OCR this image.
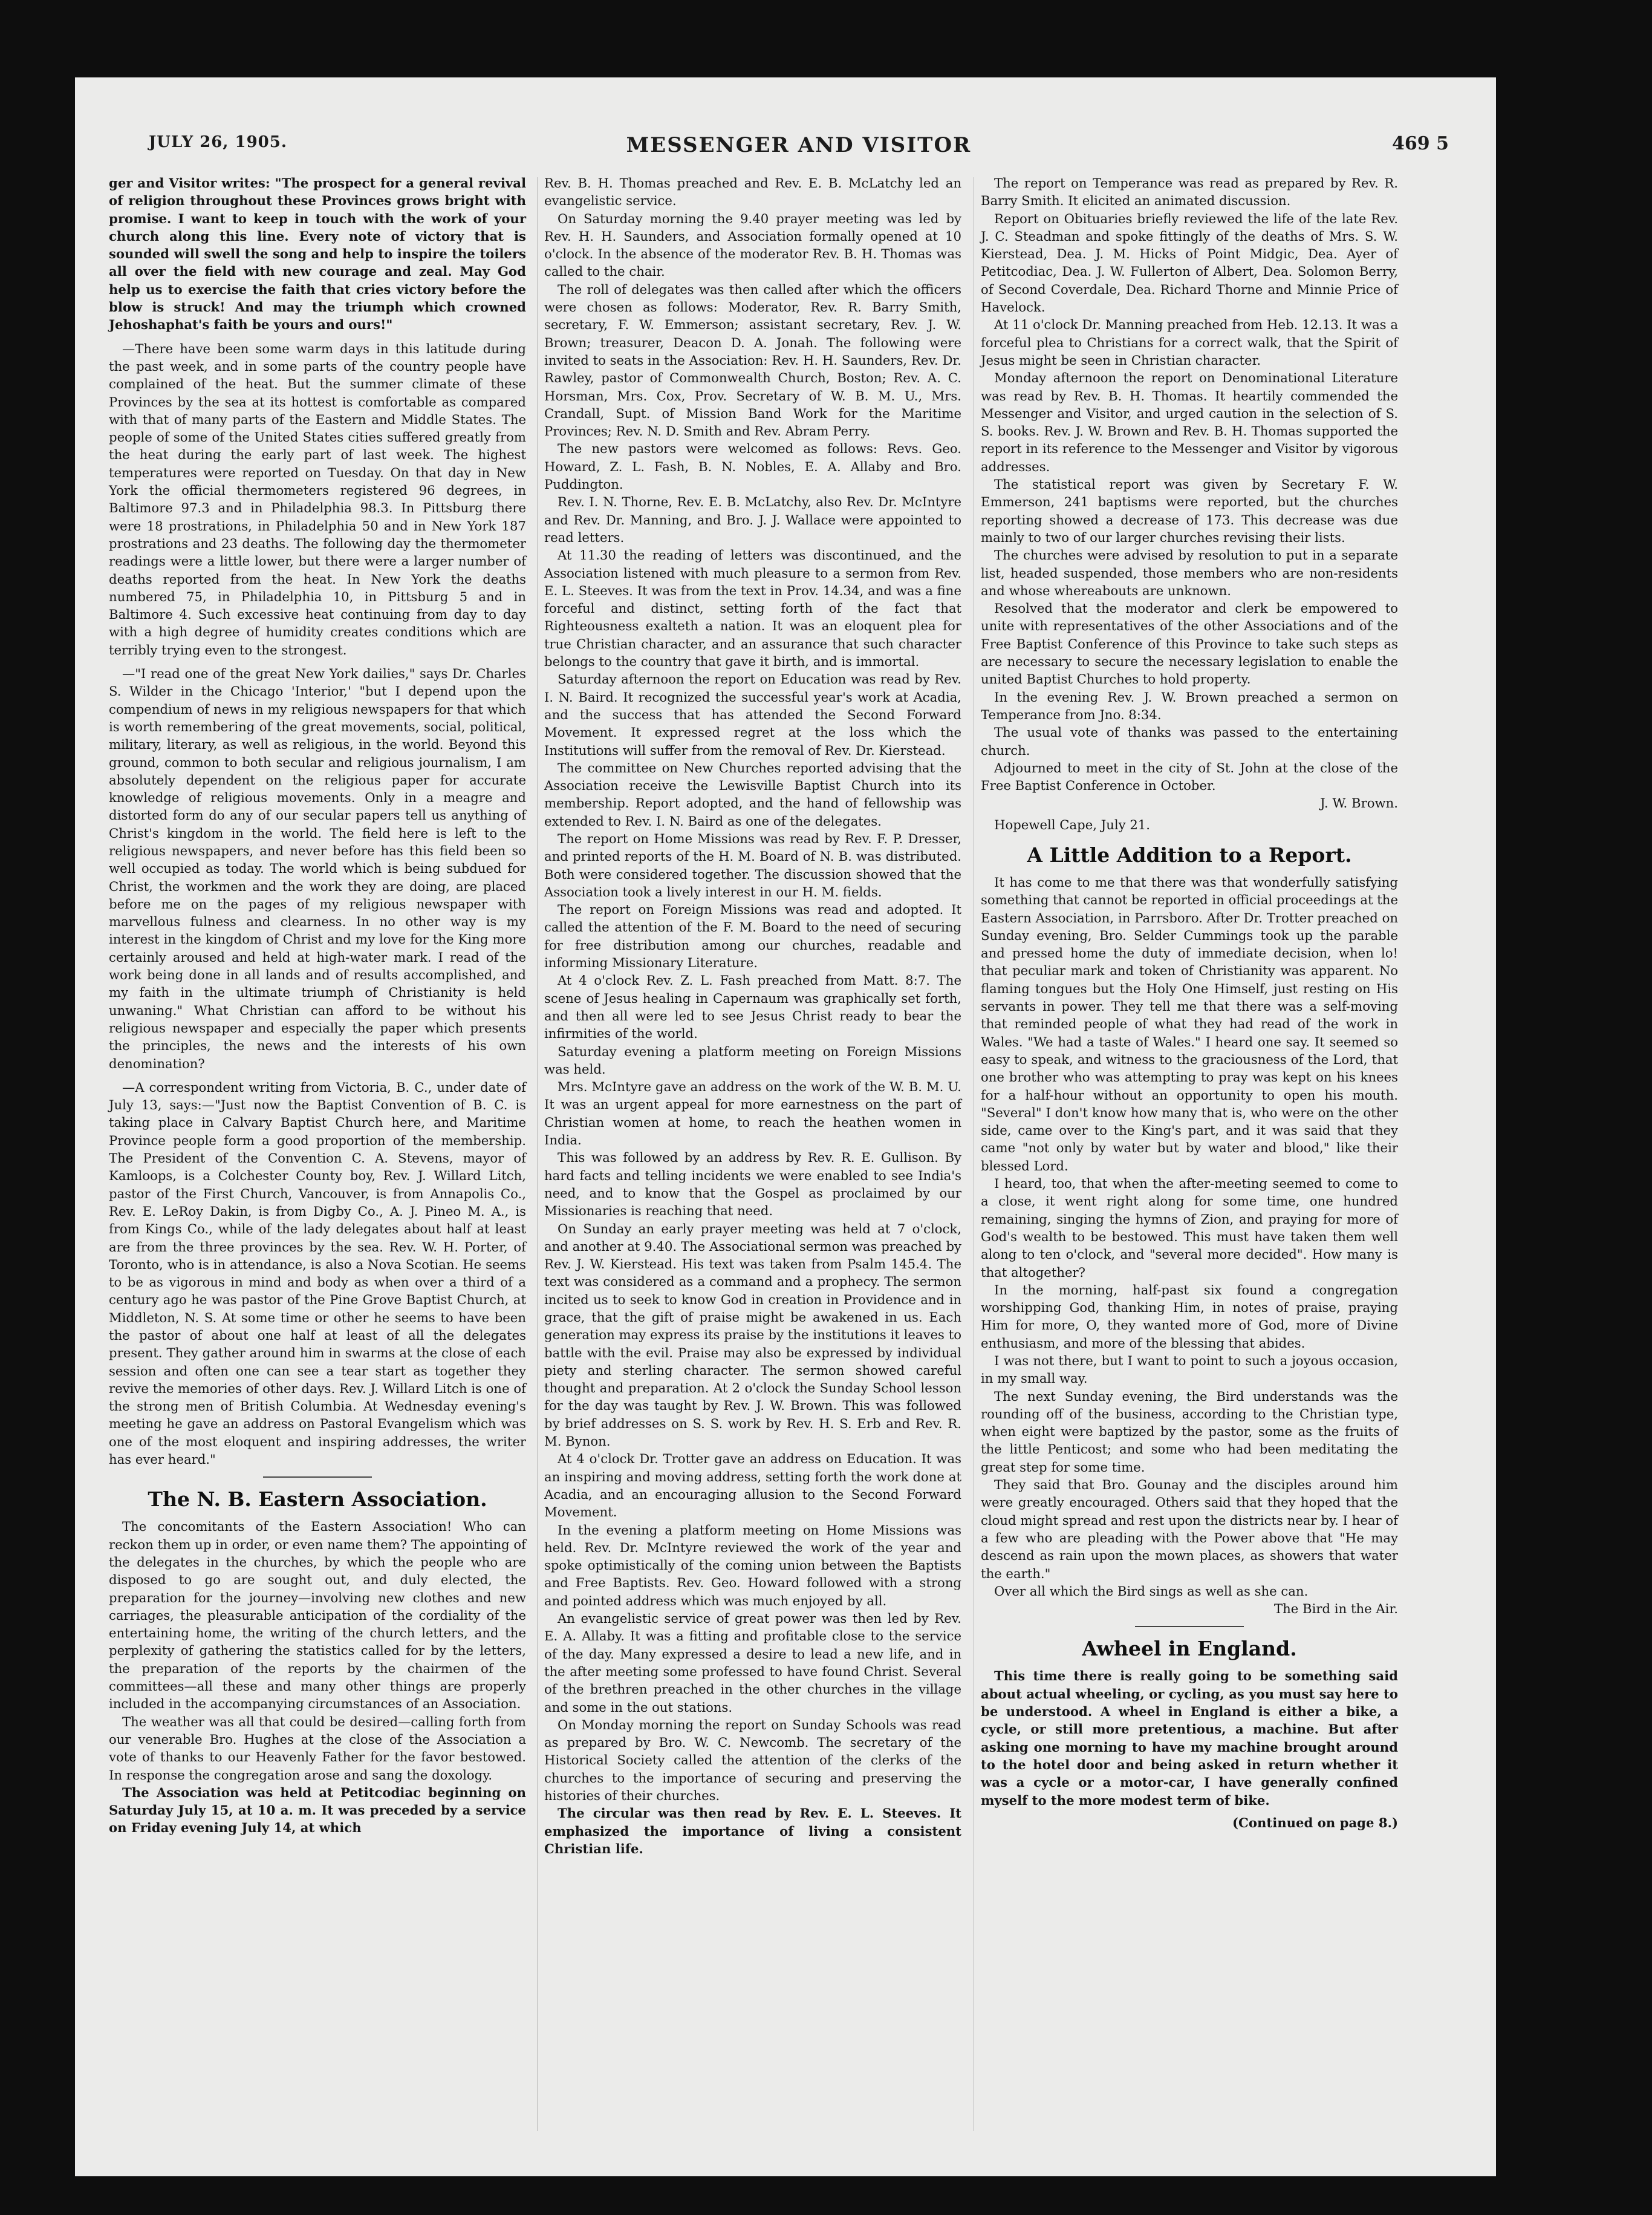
JULY 26, 1905.	MESSENGER AND VISITOR	469 5

ger and Visitor writes: "The prospect for a general revival of religion throughout these Provinces grows bright with promise. I want to keep in touch with the work of your church along this line. Every note of victory that is sounded will swell the song and help to inspire the toilers all over the field with new courage and zeal. May God help us to exercise the faith that cries victory before the blow is struck! And may the triumph which crowned Jehoshaphat's faith be yours and ours!"

—There have been some warm days in this latitude during the past week, and in some parts of the country people have complained of the heat. But the summer climate of these Provinces by the sea at its hottest is comfortable as compared with that of many parts of the Eastern and Middle States. The people of some of the United States cities suffered greatly from the heat during the early part of last week. The highest temperatures were reported on Tuesday. On that day in New York the official thermometers registered 96 degrees, in Baltimore 97.3 and in Philadelphia 98.3. In Pittsburg there were 18 prostrations, in Philadelphia 50 and in New York 187 prostrations and 23 deaths. The following day the thermometer readings were a little lower, but there were a larger number of deaths reported from the heat. In New York the deaths numbered 75, in Philadelphia 10, in Pittsburg 5 and in Baltimore 4. Such excessive heat continuing from day to day with a high degree of humidity creates conditions which are terribly trying even to the strongest.

—"I read one of the great New York dailies," says Dr. Charles S. Wilder in the Chicago 'Interior,' "but I depend upon the compendium of news in my religious newspapers for that which is worth remembering of the great movements, social, political, military, literary, as well as religious, in the world. Beyond this ground, common to both secular and religious journalism, I am absolutely dependent on the religious paper for accurate knowledge of religious movements. Only in a meagre and distorted form do any of our secular papers tell us anything of Christ's kingdom in the world. The field here is left to the religious newspapers, and never before has this field been so well occupied as today. The world which is being subdued for Christ, the workmen and the work they are doing, are placed before me on the pages of my religious newspaper with marvellous fulness and clearness. In no other way is my interest in the kingdom of Christ and my love for the King more certainly aroused and held at high-water mark. I read of the work being done in all lands and of results accomplished, and my faith in the ultimate triumph of Christianity is held unwaning." What Christian can afford to be without his religious newspaper and especially the paper which presents the principles, the news and the interests of his own denomination?

—A correspondent writing from Victoria, B. C., under date of July 13, says:—"Just now the Baptist Convention of B. C. is taking place in Calvary Baptist Church here, and Maritime Province people form a good proportion of the membership. The President of the Convention C. A. Stevens, mayor of Kamloops, is a Colchester County boy, Rev. J. Willard Litch, pastor of the First Church, Vancouver, is from Annapolis Co., Rev. E. LeRoy Dakin, is from Digby Co., A. J. Pineo M. A., is from Kings Co., while of the lady delegates about half at least are from the three provinces by the sea. Rev. W. H. Porter, of Toronto, who is in attendance, is also a Nova Scotian. He seems to be as vigorous in mind and body as when over a third of a century ago he was pastor of the Pine Grove Baptist Church, at Middleton, N. S. At some time or other he seems to have been the pastor of about one half at least of all the delegates present. They gather around him in swarms at the close of each session and often one can see a tear start as together they revive the memories of other days. Rev. J. Willard Litch is one of the strong men of British Columbia. At Wednesday evening's meeting he gave an address on Pastoral Evangelism which was one of the most eloquent and inspiring addresses, the writer has ever heard."

The N. B. Eastern Association.

The concomitants of the Eastern Association! Who can reckon them up in order, or even name them? The appointing of the delegates in the churches, by which the people who are disposed to go are sought out, and duly elected, the preparation for the journey—involving new clothes and new carriages, the pleasurable anticipation of the cordiality of the entertaining home, the writing of the church letters, and the perplexity of gathering the statistics called for by the letters, the preparation of the reports by the chairmen of the committees—all these and many other things are properly included in the accompanying circumstances of an Association.

The weather was all that could be desired—calling forth from our venerable Bro. Hughes at the close of the Association a vote of thanks to our Heavenly Father for the favor bestowed. In response the congregation arose and sang the doxology.

The Association was held at Petitcodiac beginning on Saturday July 15, at 10 a. m. It was preceded by a service on Friday evening July 14, at which

Rev. B. H. Thomas preached and Rev. E. B. McLatchy led an evangelistic service.

On Saturday morning the 9.40 prayer meeting was led by Rev. H. H. Saunders, and Association formally opened at 10 o'clock. In the absence of the moderator Rev. B. H. Thomas was called to the chair.

The roll of delegates was then called after which the officers were chosen as follows: Moderator, Rev. R. Barry Smith, secretary, F. W. Emmerson; assistant secretary, Rev. J. W. Brown; treasurer, Deacon D. A. Jonah. The following were invited to seats in the Association: Rev. H. H. Saunders, Rev. Dr. Rawley, pastor of Commonwealth Church, Boston; Rev. A. C. Horsman, Mrs. Cox, Prov. Secretary of W. B. M. U., Mrs. Crandall, Supt. of Mission Band Work for the Maritime Provinces; Rev. N. D. Smith and Rev. Abram Perry.

The new pastors were welcomed as follows: Revs. Geo. Howard, Z. L. Fash, B. N. Nobles, E. A. Allaby and Bro. Puddington.

Rev. I. N. Thorne, Rev. E. B. McLatchy, also Rev. Dr. McIntyre and Rev. Dr. Manning, and Bro. J. J. Wallace were appointed to read letters.

At 11.30 the reading of letters was discontinued, and the Association listened with much pleasure to a sermon from Rev. E. L. Steeves. It was from the text in Prov. 14.34, and was a fine forceful and distinct, setting forth of the fact that Righteousness exalteth a nation. It was an eloquent plea for true Christian character, and an assurance that such character belongs to the country that gave it birth, and is immortal.

Saturday afternoon the report on Education was read by Rev. I. N. Baird. It recognized the successful year's work at Acadia, and the success that has attended the Second Forward Movement. It expressed regret at the loss which the Institutions will suffer from the removal of Rev. Dr. Kierstead.

The committee on New Churches reported advising that the Association receive the Lewisville Baptist Church into its membership. Report adopted, and the hand of fellowship was extended to Rev. I. N. Baird as one of the delegates.

The report on Home Missions was read by Rev. F. P. Dresser, and printed reports of the H. M. Board of N. B. was distributed. Both were considered together. The discussion showed that the Association took a lively interest in our H. M. fields.

The report on Foreign Missions was read and adopted. It called the attention of the F. M. Board to the need of securing for free distribution among our churches, readable and informing Missionary Literature.

At 4 o'clock Rev. Z. L. Fash preached from Matt. 8:7. The scene of Jesus healing in Capernaum was graphically set forth, and then all were led to see Jesus Christ ready to bear the infirmities of the world.

Saturday evening a platform meeting on Foreign Missions was held.

Mrs. McIntyre gave an address on the work of the W. B. M. U. It was an urgent appeal for more earnestness on the part of Christian women at home, to reach the heathen women in India.

This was followed by an address by Rev. R. E. Gullison. By hard facts and telling incidents we were enabled to see India's need, and to know that the Gospel as proclaimed by our Missionaries is reaching that need.

On Sunday an early prayer meeting was held at 7 o'clock, and another at 9.40. The Associational sermon was preached by Rev. J. W. Kierstead. His text was taken from Psalm 145.4. The text was considered as a command and a prophecy. The sermon incited us to seek to know God in creation in Providence and in grace, that the gift of praise might be awakened in us. Each generation may express its praise by the institutions it leaves to battle with the evil. Praise may also be expressed by individual piety and sterling character. The sermon showed careful thought and preparation. At 2 o'clock the Sunday School lesson for the day was taught by Rev. J. W. Brown. This was followed by brief addresses on S. S. work by Rev. H. S. Erb and Rev. R. M. Bynon.

At 4 o'clock Dr. Trotter gave an address on Education. It was an inspiring and moving address, setting forth the work done at Acadia, and an encouraging allusion to the Second Forward Movement.

In the evening a platform meeting on Home Missions was held. Rev. Dr. McIntyre reviewed the work of the year and spoke optimistically of the coming union between the Baptists and Free Baptists. Rev. Geo. Howard followed with a strong and pointed address which was much enjoyed by all.

An evangelistic service of great power was then led by Rev. E. A. Allaby. It was a fitting and profitable close to the service of the day. Many expressed a desire to lead a new life, and in the after meeting some professed to have found Christ. Several of the brethren preached in the other churches in the village and some in the out stations.

On Monday morning the report on Sunday Schools was read as prepared by Bro. W. C. Newcomb. The secretary of the Historical Society called the attention of the clerks of the churches to the importance of securing and preserving the histories of their churches.

The circular was then read by Rev. E. L. Steeves. It emphasized the importance of living a consistent Christian life.

The report on Temperance was read as prepared by Rev. R. Barry Smith. It elicited an animated discussion.

Report on Obituaries briefly reviewed the life of the late Rev. J. C. Steadman and spoke fittingly of the deaths of Mrs. S. W. Kierstead, Dea. J. M. Hicks of Point Midgic, Dea. Ayer of Petitcodiac, Dea. J. W. Fullerton of Albert, Dea. Solomon Berry, of Second Coverdale, Dea. Richard Thorne and Minnie Price of Havelock.

At 11 o'clock Dr. Manning preached from Heb. 12.13. It was a forceful plea to Christians for a correct walk, that the Spirit of Jesus might be seen in Christian character.

Monday afternoon the report on Denominational Literature was read by Rev. B. H. Thomas. It heartily commended the Messenger and Visitor, and urged caution in the selection of S. S. books. Rev. J. W. Brown and Rev. B. H. Thomas supported the report in its reference to the Messenger and Visitor by vigorous addresses.

The statistical report was given by Secretary F. W. Emmerson, 241 baptisms were reported, but the churches reporting showed a decrease of 173. This decrease was due mainly to two of our larger churches revising their lists.

The churches were advised by resolution to put in a separate list, headed suspended, those members who are non-residents and whose whereabouts are unknown.

Resolved that the moderator and clerk be empowered to unite with representatives of the other Associations and of the Free Baptist Conference of this Province to take such steps as are necessary to secure the necessary legislation to enable the united Baptist Churches to hold property.

In the evening Rev. J. W. Brown preached a sermon on Temperance from Jno. 8:34.

The usual vote of thanks was passed to the entertaining church.

Adjourned to meet in the city of St. John at the close of the Free Baptist Conference in October.

J. W. Brown.

Hopewell Cape, July 21.

A Little Addition to a Report.

It has come to me that there was that wonderfully satisfying something that cannot be reported in official proceedings at the Eastern Association, in Parrsboro. After Dr. Trotter preached on Sunday evening, Bro. Selder Cummings took up the parable and pressed home the duty of immediate decision, when lo! that peculiar mark and token of Christianity was apparent. No flaming tongues but the Holy One Himself, just resting on His servants in power. They tell me that there was a self-moving that reminded people of what they had read of the work in Wales. "We had a taste of Wales." I heard one say. It seemed so easy to speak, and witness to the graciousness of the Lord, that one brother who was attempting to pray was kept on his knees for a half-hour without an opportunity to open his mouth. "Several" I don't know how many that is, who were on the other side, came over to the King's part, and it was said that they came "not only by water but by water and blood," like their blessed Lord.

I heard, too, that when the after-meeting seemed to come to a close, it went right along for some time, one hundred remaining, singing the hymns of Zion, and praying for more of God's wealth to be bestowed. This must have taken them well along to ten o'clock, and "several more decided". How many is that altogether?

In the morning, half-past six found a congregation worshipping God, thanking Him, in notes of praise, praying Him for more, O, they wanted more of God, more of Divine enthusiasm, and more of the blessing that abides.

I was not there, but I want to point to such a joyous occasion, in my small way.

The next Sunday evening, the Bird understands was the rounding off of the business, according to the Christian type, when eight were baptized by the pastor, some as the fruits of the little Penticost; and some who had been meditating the great step for some time.

They said that Bro. Gounay and the disciples around him were greatly encouraged. Others said that they hoped that the cloud might spread and rest upon the districts near by. I hear of a few who are pleading with the Power above that "He may descend as rain upon the mown places, as showers that water the earth."

Over all which the Bird sings as well as she can.

The Bird in the Air.

Awheel in England.

This time there is really going to be something said about actual wheeling, or cycling, as you must say here to be understood. A wheel in England is either a bike, a cycle, or still more pretentious, a machine. But after asking one morning to have my machine brought around to the hotel door and being asked in return whether it was a cycle or a motor-car, I have generally confined myself to the more modest term of bike.

(Continued on page 8.)
